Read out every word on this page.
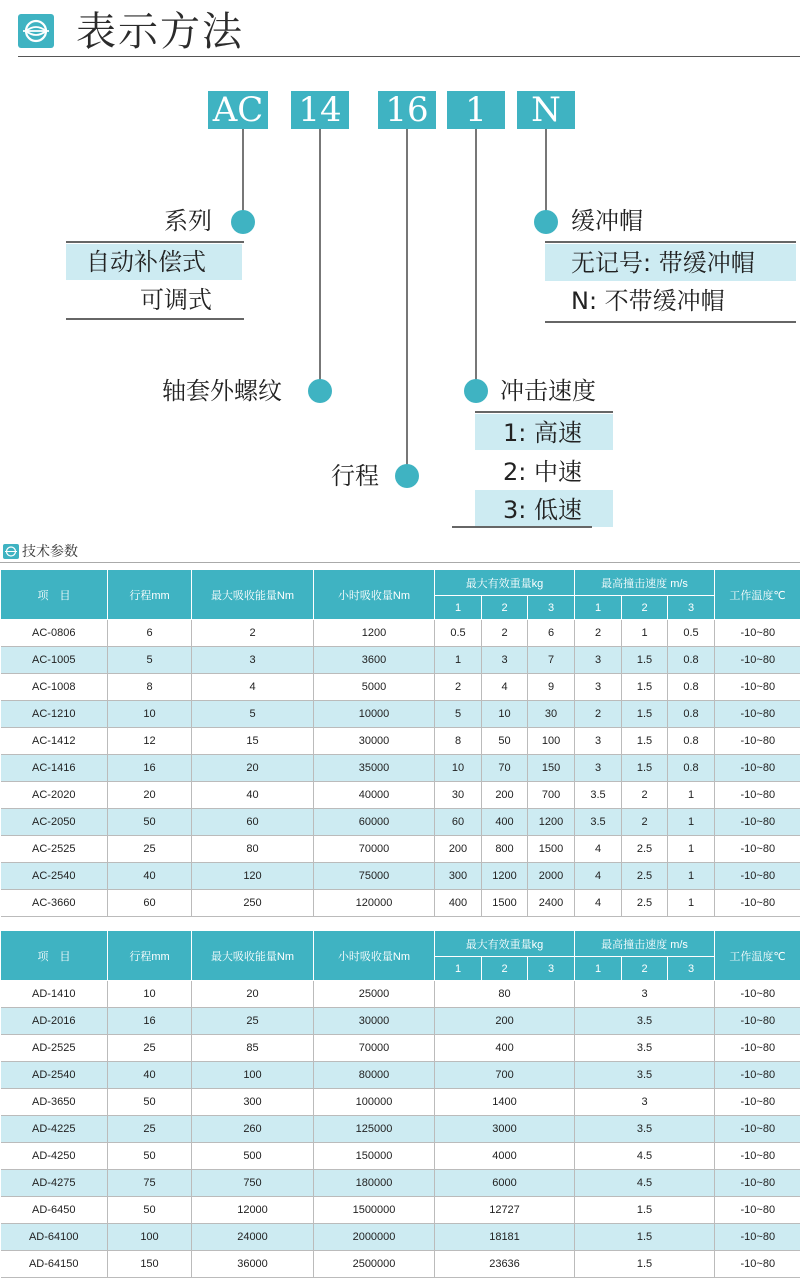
表示方法
AC 14 16	1	N
系列
自动补偿式
可调式
轴套外螺纹
行程
缓冲帽
无记号: 带缓冲帽
N: 不带缓冲帽
冲击速度
1: 高速
2: 中速
3: 低速
技术参数
项　目	行程mm	最大吸收能量Nm	小时吸收量Nm	最大有效重量kg			最高撞击速度 m/s			工作温度℃
				1	2	3	1	2	3	
AC-0806	6	2	1200	0.5	2	6	2	1	0.5	-10~80
AC-1005	5	3	3600	1	3	7	3	1.5	0.8	-10~80
AC-1008	8	4	5000	2	4	9	3	1.5	0.8	-10~80
AC-1210	10	5	10000	5	10	30	2	1.5	0.8	-10~80
AC-1412	12	15	30000	8	50	100	3	1.5	0.8	-10~80
AC-1416	16	20	35000	10	70	150	3	1.5	0.8	-10~80
AC-2020	20	40	40000	30	200	700	3.5	2	1	-10~80
AC-2050	50	60	60000	60	400	1200	3.5	2	1	-10~80
AC-2525	25	80	70000	200	800	1500	4	2.5	1	-10~80
AC-2540	40	120	75000	300	1200	2000	4	2.5	1	-10~80
AC-3660	60	250	120000	400	1500	2400	4	2.5	1	-10~80
项　目	行程mm	最大吸收能量Nm	小时吸收量Nm	最大有效重量kg			最高撞击速度 m/s			工作温度℃
				1	2	3	1	2	3	
AD-1410	10	20	25000	80			3			-10~80
AD-2016	16	25	30000	200			3.5			-10~80
AD-2525	25	85	70000	400			3.5			-10~80
AD-2540	40	100	80000	700			3.5			-10~80
AD-3650	50	300	100000	1400			3			-10~80
AD-4225	25	260	125000	3000			3.5			-10~80
AD-4250	50	500	150000	4000			4.5			-10~80
AD-4275	75	750	180000	6000			4.5			-10~80
AD-6450	50	12000	1500000	12727			1.5			-10~80
AD-64100	100	24000	2000000	18181			1.5			-10~80
AD-64150	150	36000	2500000	23636			1.5			-10~80
